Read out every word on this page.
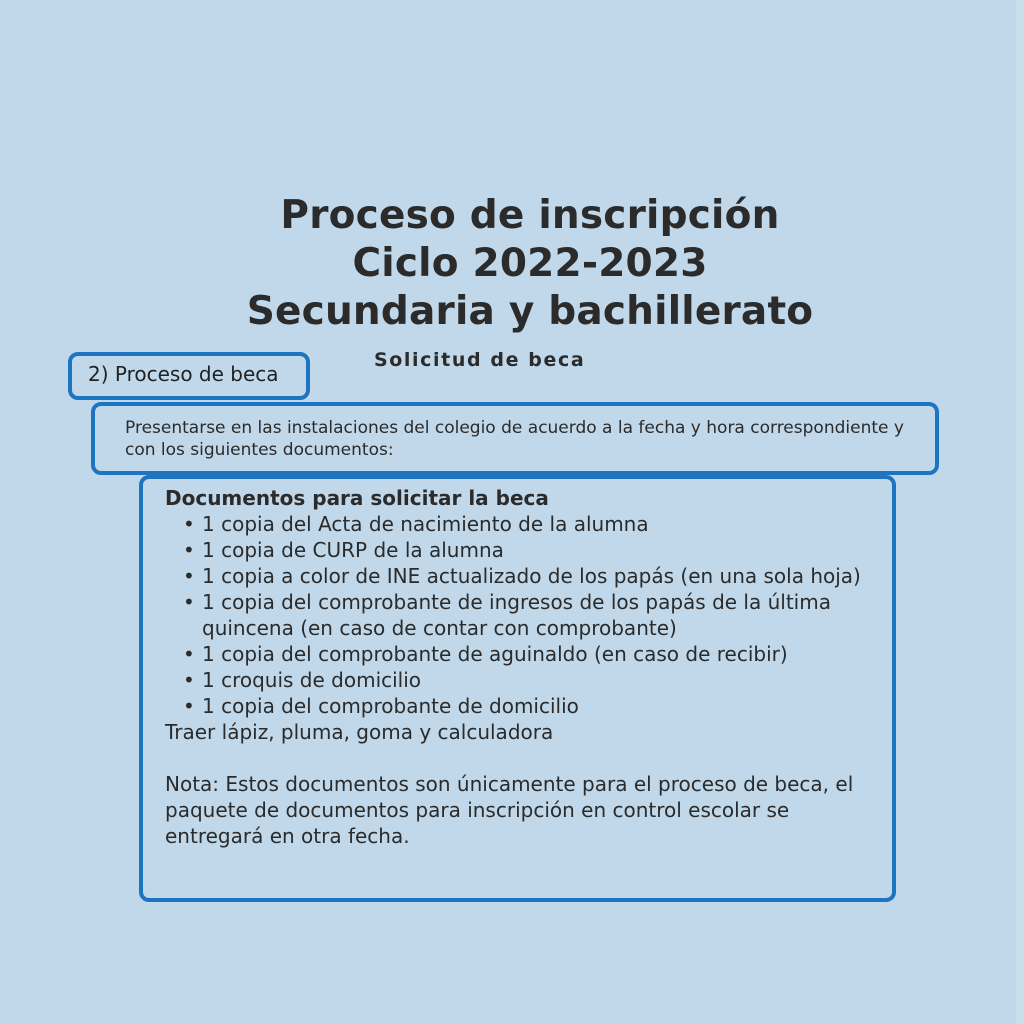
Proceso de inscripción
Ciclo 2022-2023
Secundaria y bachillerato
Solicitud de beca
2) Proceso de beca
Presentarse en las instalaciones del colegio de acuerdo a la fecha y hora correspondiente y con los siguientes documentos:
Documentos para solicitar la beca
• 1 copia del Acta de nacimiento de la alumna
• 1 copia de CURP de la alumna
• 1 copia a color de INE actualizado de los papás (en una sola hoja)
• 1 copia del comprobante de ingresos de los papás de la última quincena (en caso de contar con comprobante)
• 1 copia del comprobante de aguinaldo (en caso de recibir)
• 1 croquis de domicilio
• 1 copia del comprobante de domicilio
Traer lápiz, pluma, goma y calculadora
Nota: Estos documentos son únicamente para el proceso de beca, el paquete de documentos para inscripción en control escolar se entregará en otra fecha.
